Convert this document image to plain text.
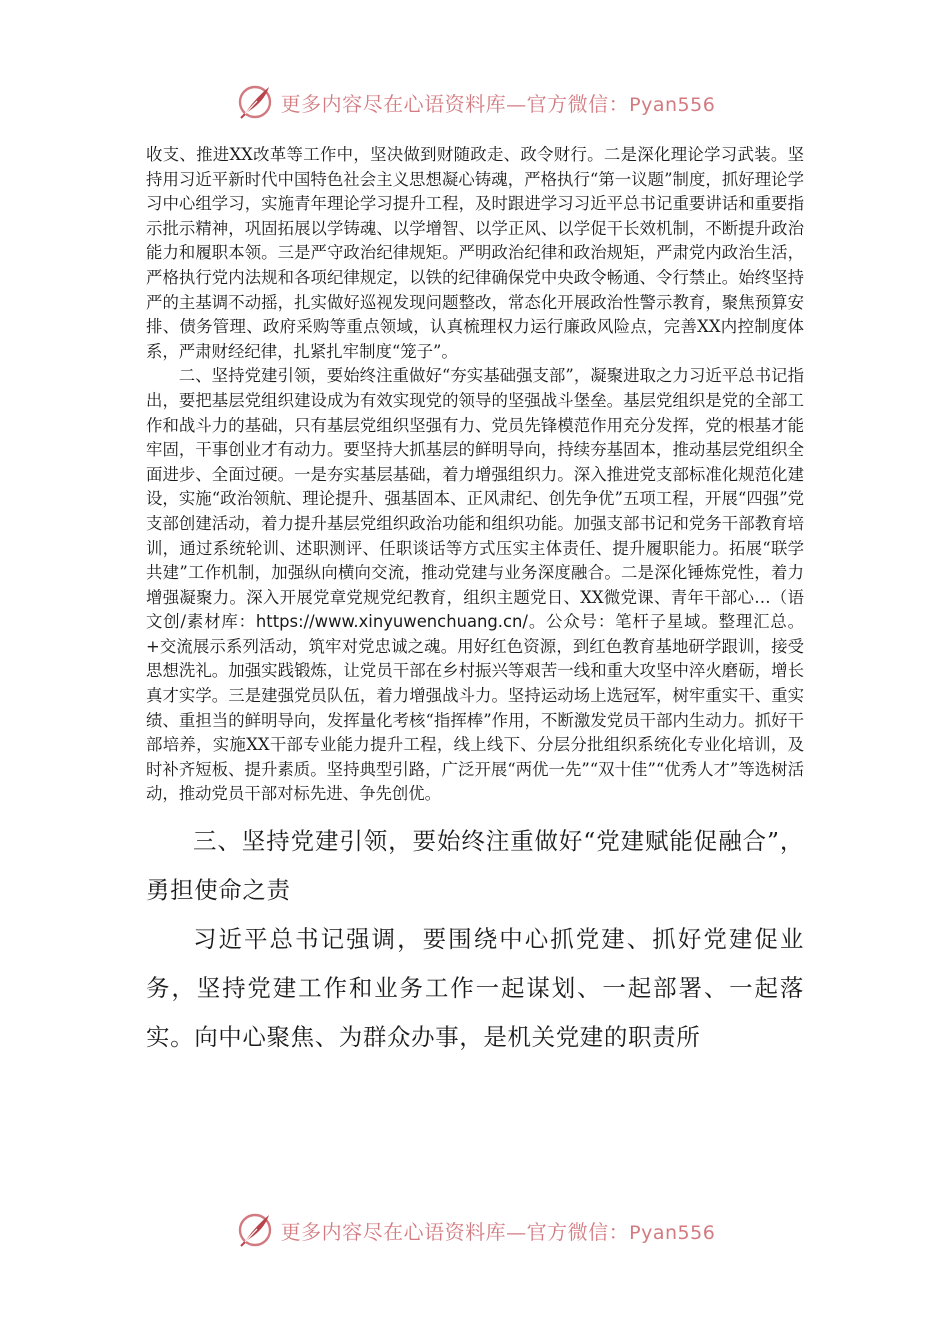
更多内容尽在心语资料库—官方微信：Pyan556

收支、推进XX改革等工作中，坚决做到财随政走、政令财行。二是深化理论学习武装。坚持用习近平新时代中国特色社会主义思想凝心铸魂，严格执行“第一议题”制度，抓好理论学习中心组学习，实施青年理论学习提升工程，及时跟进学习习近平总书记重要讲话和重要指示批示精神，巩固拓展以学铸魂、以学增智、以学正风、以学促干长效机制，不断提升政治能力和履职本领。三是严守政治纪律规矩。严明政治纪律和政治规矩，严肃党内政治生活，严格执行党内法规和各项纪律规定，以铁的纪律确保党中央政令畅通、令行禁止。始终坚持严的主基调不动摇，扎实做好巡视发现问题整改，常态化开展政治性警示教育，聚焦预算安排、债务管理、政府采购等重点领域，认真梳理权力运行廉政风险点，完善XX内控制度体系，严肃财经纪律，扎紧扎牢制度“笼子”。

二、坚持党建引领，要始终注重做好“夯实基础强支部”，凝聚进取之力习近平总书记指出，要把基层党组织建设成为有效实现党的领导的坚强战斗堡垒。基层党组织是党的全部工作和战斗力的基础，只有基层党组织坚强有力、党员先锋模范作用充分发挥，党的根基才能牢固，干事创业才有动力。要坚持大抓基层的鲜明导向，持续夯基固本，推动基层党组织全面进步、全面过硬。一是夯实基层基础，着力增强组织力。深入推进党支部标准化规范化建设，实施“政治领航、理论提升、强基固本、正风肃纪、创先争优”五项工程，开展“四强”党支部创建活动，着力提升基层党组织政治功能和组织功能。加强支部书记和党务干部教育培训，通过系统轮训、述职测评、任职谈话等方式压实主体责任、提升履职能力。拓展“联学共建”工作机制，加强纵向横向交流，推动党建与业务深度融合。二是深化锤炼党性，着力增强凝聚力。深入开展党章党规党纪教育，组织主题党日、XX微党课、青年干部心…（语文创/素材库：https://www.xinyuwenchuang.cn/。公众号：笔杆子星域。整理汇总。+交流展示系列活动，筑牢对党忠诚之魂。用好红色资源，到红色教育基地研学跟训，接受思想洗礼。加强实践锻炼，让党员干部在乡村振兴等艰苦一线和重大攻坚中淬火磨砺，增长真才实学。三是建强党员队伍，着力增强战斗力。坚持运动场上选冠军，树牢重实干、重实绩、重担当的鲜明导向，发挥量化考核“指挥棒”作用，不断激发党员干部内生动力。抓好干部培养，实施XX干部专业能力提升工程，线上线下、分层分批组织系统化专业化培训，及时补齐短板、提升素质。坚持典型引路，广泛开展“两优一先”“双十佳”“优秀人才”等选树活动，推动党员干部对标先进、争先创优。

三、坚持党建引领，要始终注重做好“党建赋能促融合”，勇担使命之责

习近平总书记强调，要围绕中心抓党建、抓好党建促业务，坚持党建工作和业务工作一起谋划、一起部署、一起落实。向中心聚焦、为群众办事，是机关党建的职责所

更多内容尽在心语资料库—官方微信：Pyan556
